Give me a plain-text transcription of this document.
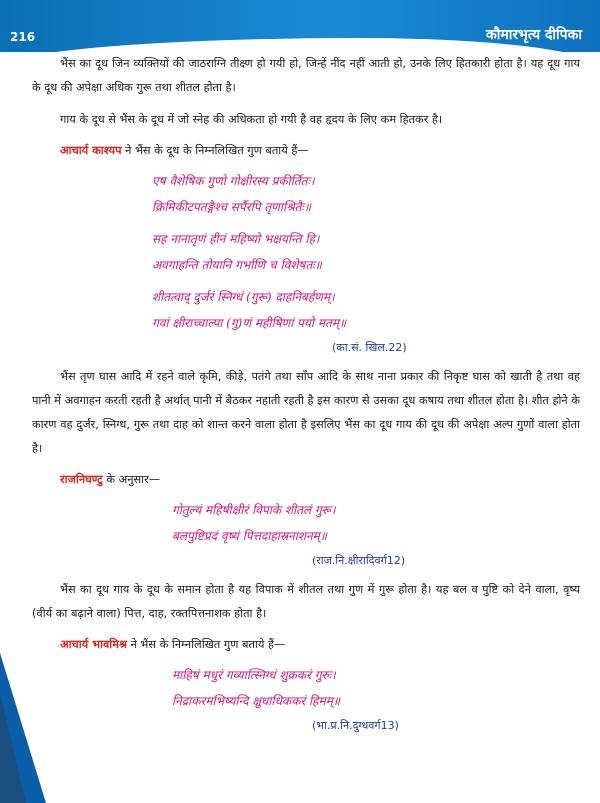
216	कौमारभृत्य दीपिका

भैंस का दूध जिन व्यक्तियों की जाठराग्नि तीक्ष्ण हो गयी हो, जिन्हें नींद नहीं आती हो, उनके लिए हितकारी होता है। यह दूध गाय के दूध की अपेक्षा अधिक गुरू तथा शीतल होता है।

गाय के दूध से भैंस के दूध में जो स्नेह की अधिकता हो गयी है वह हृदय के लिए कम हितकर है।

आचार्य काश्यप ने भैंस के दूध के निम्नलिखित गुण बताये हैं—

एष वैशेषिक गुणो गोक्षीरस्य प्रकीर्तितः।

क्रिमिकीटपतङ्गैश्च सर्पैरपि तृणाश्रितैः॥

सह नानातृणं हीनं महिष्यो भक्षयन्ति हि।

अवगाहन्ति तोयानि गर्भाणि च विशेषतः॥

शीतत्वाद् दुर्जरं स्निग्धं (गुरू) दाहनिबर्हणम्।

गवां क्षीराच्चाल्पा (गु)णं महीषिणां पयो मतम्॥

(का.सं. खिल.22)

भैंस तृण घास आदि में रहने वाले कृमि, कीड़े, पतंगे तथा साँप आदि के साथ नाना प्रकार की निकृष्ट घास को खाती है तथा वह पानी में अवगाहन करती रहती है अर्थात् पानी में बैठकर नहाती रहती है इस कारण से उसका दूध कषाय तथा शीतल होता है। शीत होने के कारण वह दुर्जर, स्निग्ध, गुरू तथा दाह को शान्त करने वाला होता है इसलिए भैंस का दूध गाय की दूध की अपेक्षा अल्प गुणों वाला होता है।

राजनिघण्टु के अनुसार—

गोतुल्यं महिषीक्षीरं विपाके शीतलं गुरू।

बलपुष्टिप्रदं वृष्यं पित्तदाहास्रनाशनम्॥

(राज.नि.क्षीरादिवर्ग12)

भैंस का दूध गाय के दूध के समान होता है यह विपाक में शीतल तथा गुण में गुरू होता है। यह बल व पुष्टि को देने वाला, वृष्य (वीर्य का बढ़ाने वाला) पित्त, दाह, रक्तपित्तनाशक होता है।

आचार्य भावमिश्र ने भैंस के निम्नलिखित गुण बताये हैं—

माहिषं मधुरं गव्यात्स्निग्धं शुक्रकरं गुरुः।

निद्राकरमभिष्यन्दि क्षुधाधिककरं हिमम्॥

(भा.प्र.नि.दुग्धवर्ग13)
